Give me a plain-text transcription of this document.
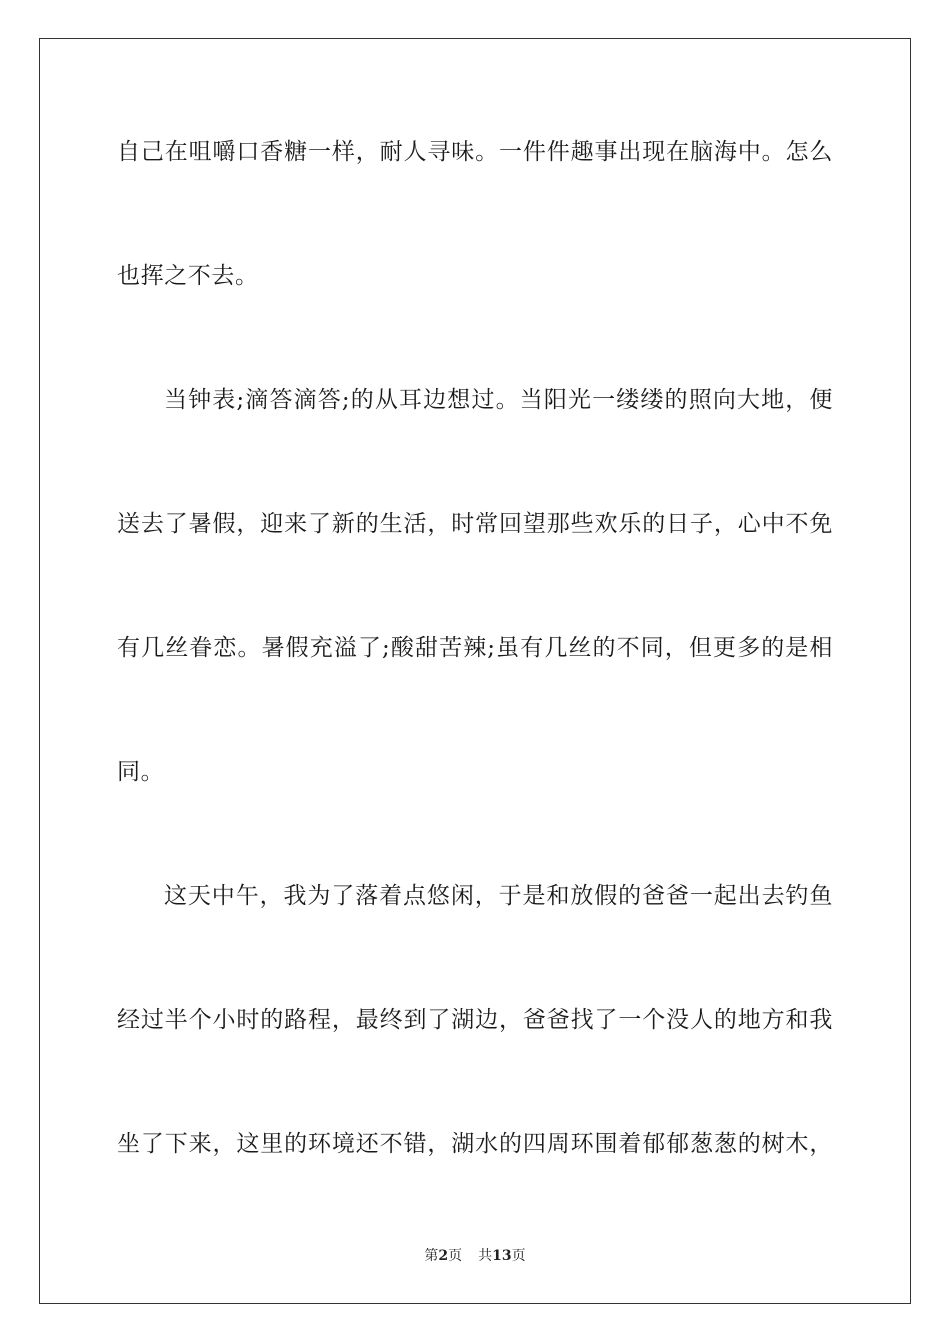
自己在咀嚼口香糖一样，耐人寻味。一件件趣事出现在脑海中。怎么
也挥之不去。
当钟表;滴答滴答;的从耳边想过。当阳光一缕缕的照向大地，便
送去了暑假，迎来了新的生活，时常回望那些欢乐的日子，心中不免
有几丝眷恋。暑假充溢了;酸甜苦辣;虽有几丝的不同，但更多的是相
同。
这天中午，我为了落着点悠闲，于是和放假的爸爸一起出去钓鱼
经过半个小时的路程，最终到了湖边，爸爸找了一个没人的地方和我
坐了下来，这里的环境还不错，湖水的四周环围着郁郁葱葱的树木，
第2页 共13页
